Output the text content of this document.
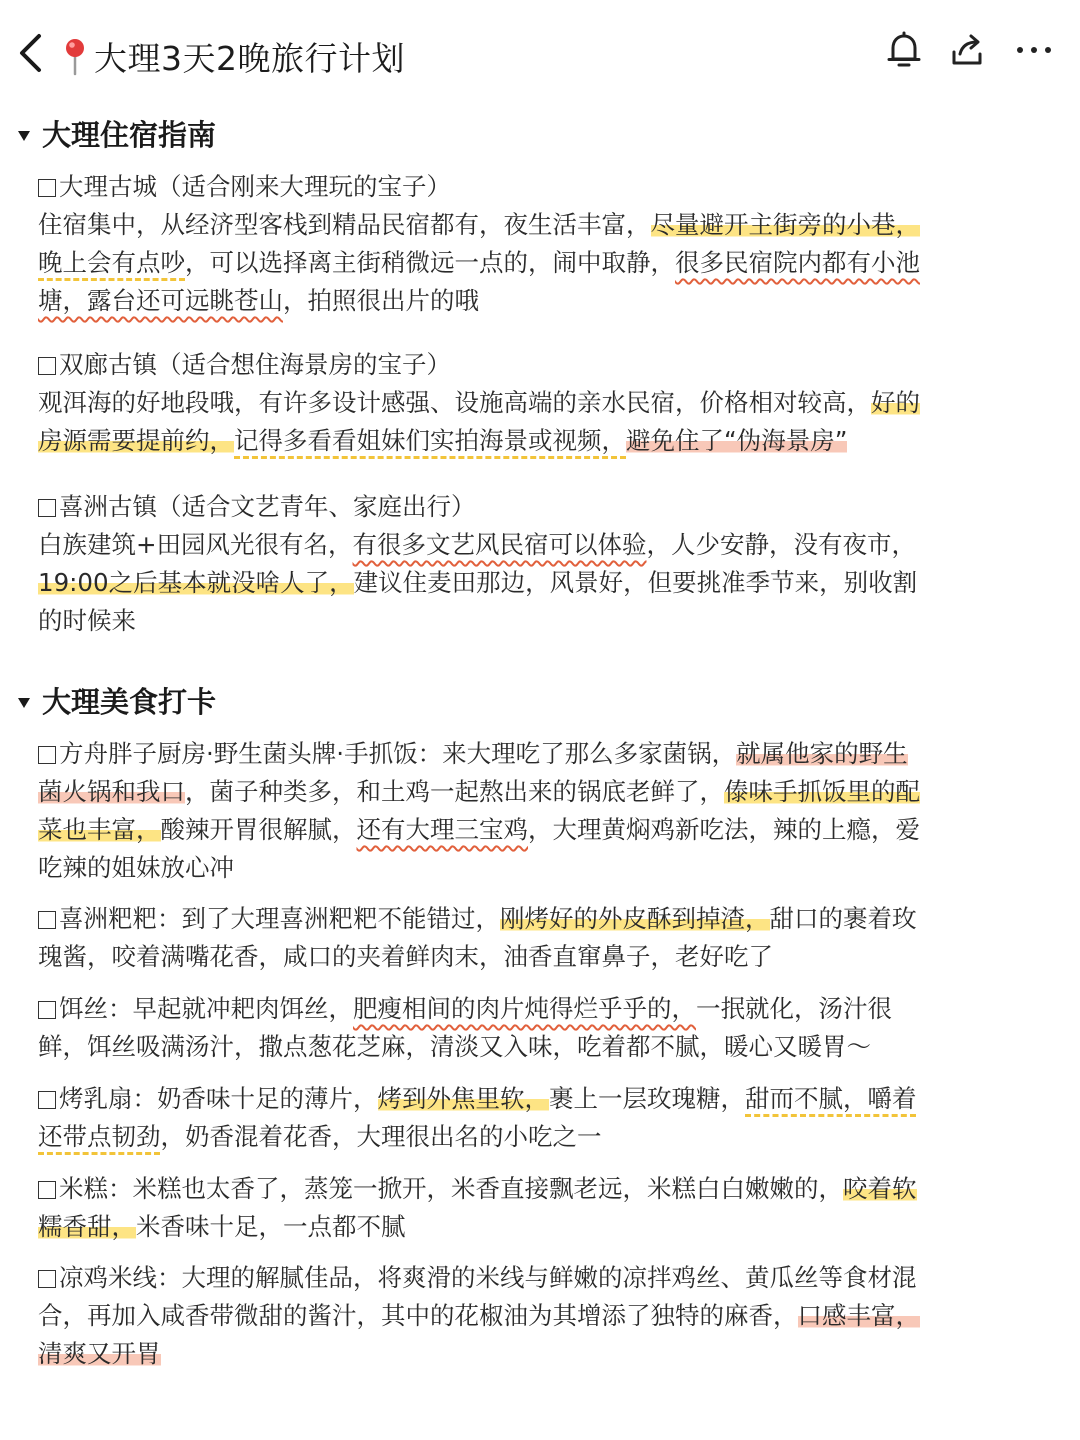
大理3天2晚旅行计划
大理住宿指南
大理古城（适合刚来大理玩的宝子）
住宿集中，从经济型客栈到精品民宿都有，夜生活丰富，尽量避开主街旁的小巷，
晚上会有点吵，可以选择离主街稍微远一点的，闹中取静，很多民宿院内都有小池
塘，露台还可远眺苍山，拍照很出片的哦
双廊古镇（适合想住海景房的宝子）
观洱海的好地段哦，有许多设计感强、设施高端的亲水民宿，价格相对较高，好的
房源需要提前约，记得多看看姐妹们实拍海景或视频，避免住了“伪海景房”
喜洲古镇（适合文艺青年、家庭出行）
白族建筑+田园风光很有名，有很多文艺风民宿可以体验，人少安静，没有夜市，
19:00之后基本就没啥人了，建议住麦田那边，风景好，但要挑准季节来，别收割
的时候来
大理美食打卡
方舟胖子厨房·野生菌头牌·手抓饭：来大理吃了那么多家菌锅，就属他家的野生
菌火锅和我口，菌子种类多，和土鸡一起熬出来的锅底老鲜了，傣味手抓饭里的配
菜也丰富，酸辣开胃很解腻，还有大理三宝鸡，大理黄焖鸡新吃法，辣的上瘾，爱
吃辣的姐妹放心冲
喜洲粑粑：到了大理喜洲粑粑不能错过，刚烤好的外皮酥到掉渣，甜口的裹着玫
瑰酱，咬着满嘴花香，咸口的夹着鲜肉末，油香直窜鼻子，老好吃了
饵丝：早起就冲耙肉饵丝，肥瘦相间的肉片炖得烂乎乎的，一抿就化，汤汁很
鲜，饵丝吸满汤汁，撒点葱花芝麻，清淡又入味，吃着都不腻，暖心又暖胃～
烤乳扇：奶香味十足的薄片，烤到外焦里软，裹上一层玫瑰糖，甜而不腻，嚼着
还带点韧劲，奶香混着花香，大理很出名的小吃之一
米糕：米糕也太香了，蒸笼一掀开，米香直接飘老远，米糕白白嫩嫩的，咬着软
糯香甜，米香味十足，一点都不腻
凉鸡米线：大理的解腻佳品，将爽滑的米线与鲜嫩的凉拌鸡丝、黄瓜丝等食材混
合，再加入咸香带微甜的酱汁，其中的花椒油为其增添了独特的麻香，口感丰富，
清爽又开胃
